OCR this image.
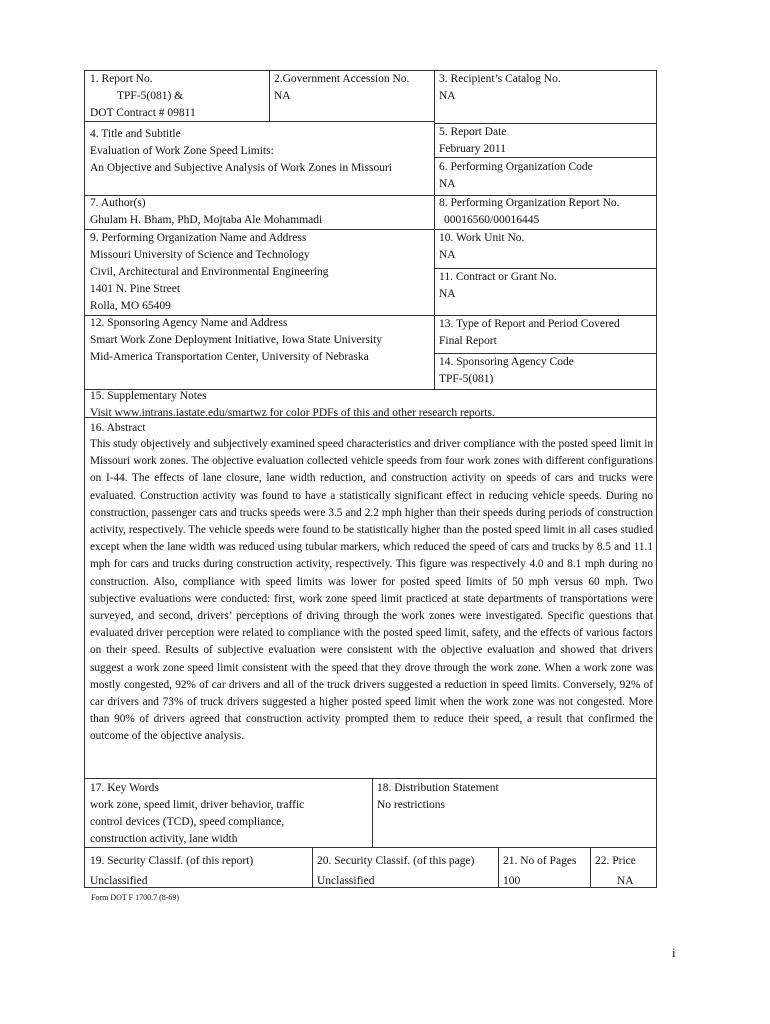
1. Report No.
TPF-5(081) &
DOT Contract # 09811
2.Government Accession No.
NA
3. Recipient’s Catalog No.
NA
4. Title and Subtitle
Evaluation of Work Zone Speed Limits:
An Objective and Subjective Analysis of Work Zones in Missouri
5. Report Date
February 2011
6. Performing Organization Code
NA
7. Author(s)
Ghulam H. Bham, PhD, Mojtaba Ale Mohammadi
8. Performing Organization Report No.
00016560/00016445
9. Performing Organization Name and Address
Missouri University of Science and Technology
Civil, Architectural and Environmental Engineering
1401 N. Pine Street
Rolla, MO 65409
10. Work Unit No.
NA
11. Contract or Grant No.
NA
12. Sponsoring Agency Name and Address
Smart Work Zone Deployment Initiative, Iowa State University
Mid-America Transportation Center, University of Nebraska
13. Type of Report and Period Covered
Final Report
14. Sponsoring Agency Code
TPF-5(081)
15. Supplementary Notes
Visit www.intrans.iastate.edu/smartwz for color PDFs of this and other research reports.
16. Abstract
This study objectively and subjectively examined speed characteristics and driver compliance with the posted speed limit in Missouri work zones. The objective evaluation collected vehicle speeds from four work zones with different configurations on I-44. The effects of lane closure, lane width reduction, and construction activity on speeds of cars and trucks were evaluated. Construction activity was found to have a statistically significant effect in reducing vehicle speeds. During no construction, passenger cars and trucks speeds were 3.5 and 2.2 mph higher than their speeds during periods of construction activity, respectively. The vehicle speeds were found to be statistically higher than the posted speed limit in all cases studied except when the lane width was reduced using tubular markers, which reduced the speed of cars and trucks by 8.5 and 11.1 mph for cars and trucks during construction activity, respectively. This figure was respectively 4.0 and 8.1 mph during no construction. Also, compliance with speed limits was lower for posted speed limits of 50 mph versus 60 mph. Two subjective evaluations were conducted: first, work zone speed limit practiced at state departments of transportations were surveyed, and second, drivers’ perceptions of driving through the work zones were investigated. Specific questions that evaluated driver perception were related to compliance with the posted speed limit, safety, and the effects of various factors on their speed. Results of subjective evaluation were consistent with the objective evaluation and showed that drivers suggest a work zone speed limit consistent with the speed that they drove through the work zone. When a work zone was mostly congested, 92% of car drivers and all of the truck drivers suggested a reduction in speed limits. Conversely, 92% of car drivers and 73% of truck drivers suggested a higher posted speed limit when the work zone was not congested. More than 90% of drivers agreed that construction activity prompted them to reduce their speed, a result that confirmed the outcome of the objective analysis.
17. Key Words
work zone, speed limit, driver behavior, traffic
control devices (TCD), speed compliance,
construction activity, lane width
18. Distribution Statement
No restrictions
19. Security Classif. (of this report)
Unclassified
20. Security Classif. (of this page)
Unclassified
21. No of Pages
100
22. Price
NA
Form DOT F 1700.7 (8-69)
i
